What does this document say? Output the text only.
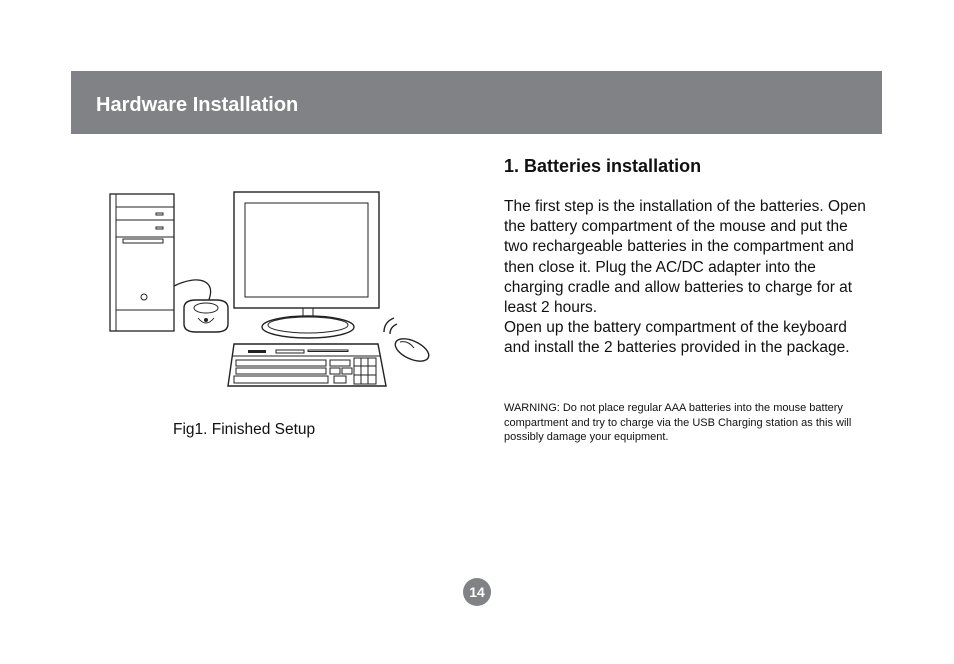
Hardware Installation

Fig1. Finished Setup

1. Batteries installation

The first step is the installation of the batteries. Open the battery compartment of the mouse and put the two rechargeable batteries in the compartment and then close it. Plug the AC/DC adapter into the charging cradle and allow batteries to charge for at least 2 hours.

Open up the battery compartment of the keyboard and install the 2 batteries provided in the package.

WARNING: Do not place regular AAA batteries into the mouse battery compartment and try to charge via the USB Charging station as this will possibly damage your equipment.

14
